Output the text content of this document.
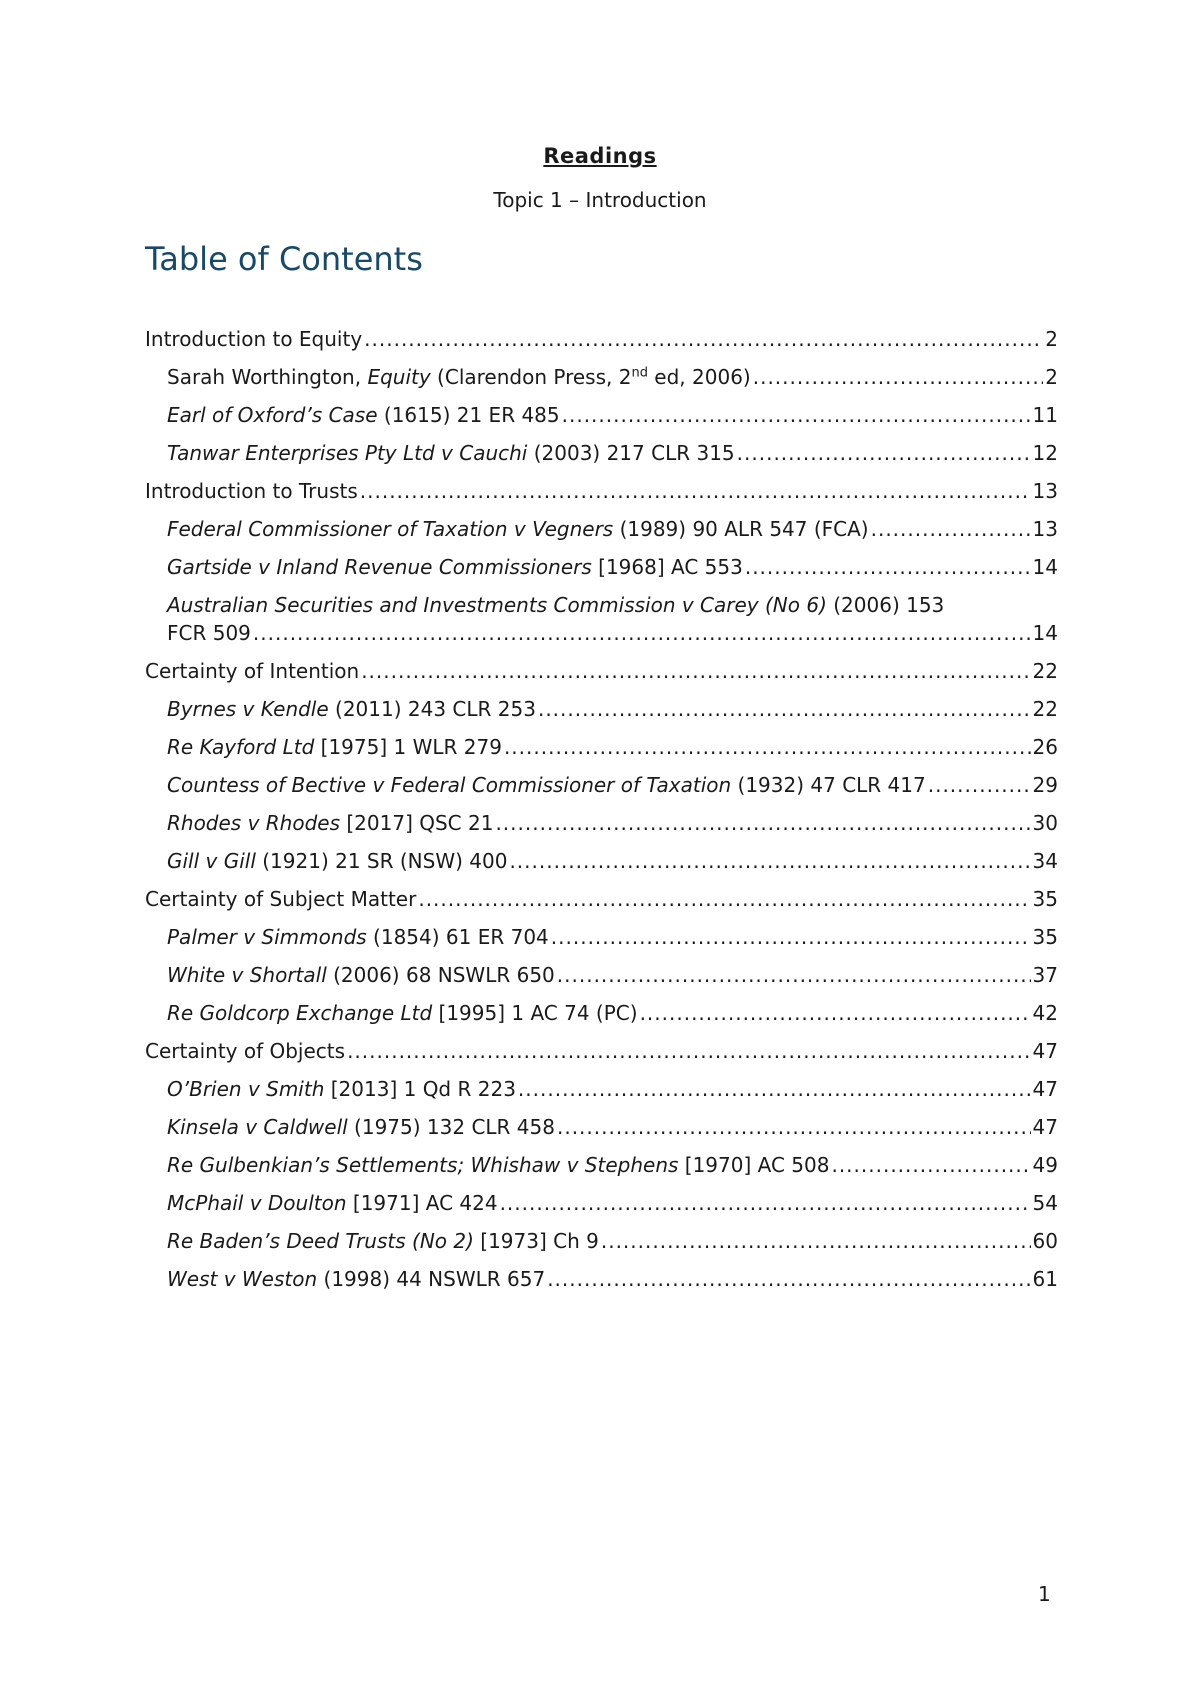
Readings
Topic 1 – Introduction
Table of Contents
Introduction to Equity .....	2
Sarah Worthington, Equity (Clarendon Press, 2nd ed, 2006) .....	2
Earl of Oxford’s Case (1615) 21 ER 485 .....	11
Tanwar Enterprises Pty Ltd v Cauchi (2003) 217 CLR 315 .....	12
Introduction to Trusts .....	13
Federal Commissioner of Taxation v Vegners (1989) 90 ALR 547 (FCA) .....	13
Gartside v Inland Revenue Commissioners [1968] AC 553 .....	14
Australian Securities and Investments Commission v Carey (No 6) (2006) 153
FCR 509 .....	14
Certainty of Intention .....	22
Byrnes v Kendle (2011) 243 CLR 253 .....	22
Re Kayford Ltd [1975] 1 WLR 279 .....	26
Countess of Bective v Federal Commissioner of Taxation (1932) 47 CLR 417 .....	29
Rhodes v Rhodes [2017] QSC 21 .....	30
Gill v Gill (1921) 21 SR (NSW) 400 .....	34
Certainty of Subject Matter .....	35
Palmer v Simmonds (1854) 61 ER 704 .....	35
White v Shortall (2006) 68 NSWLR 650 .....	37
Re Goldcorp Exchange Ltd [1995] 1 AC 74 (PC) .....	42
Certainty of Objects .....	47
O’Brien v Smith [2013] 1 Qd R 223 .....	47
Kinsela v Caldwell (1975) 132 CLR 458 .....	47
Re Gulbenkian’s Settlements; Whishaw v Stephens [1970] AC 508 .....	49
McPhail v Doulton [1971] AC 424 .....	54
Re Baden’s Deed Trusts (No 2) [1973] Ch 9 .....	60
West v Weston (1998) 44 NSWLR 657 .....	61
1
